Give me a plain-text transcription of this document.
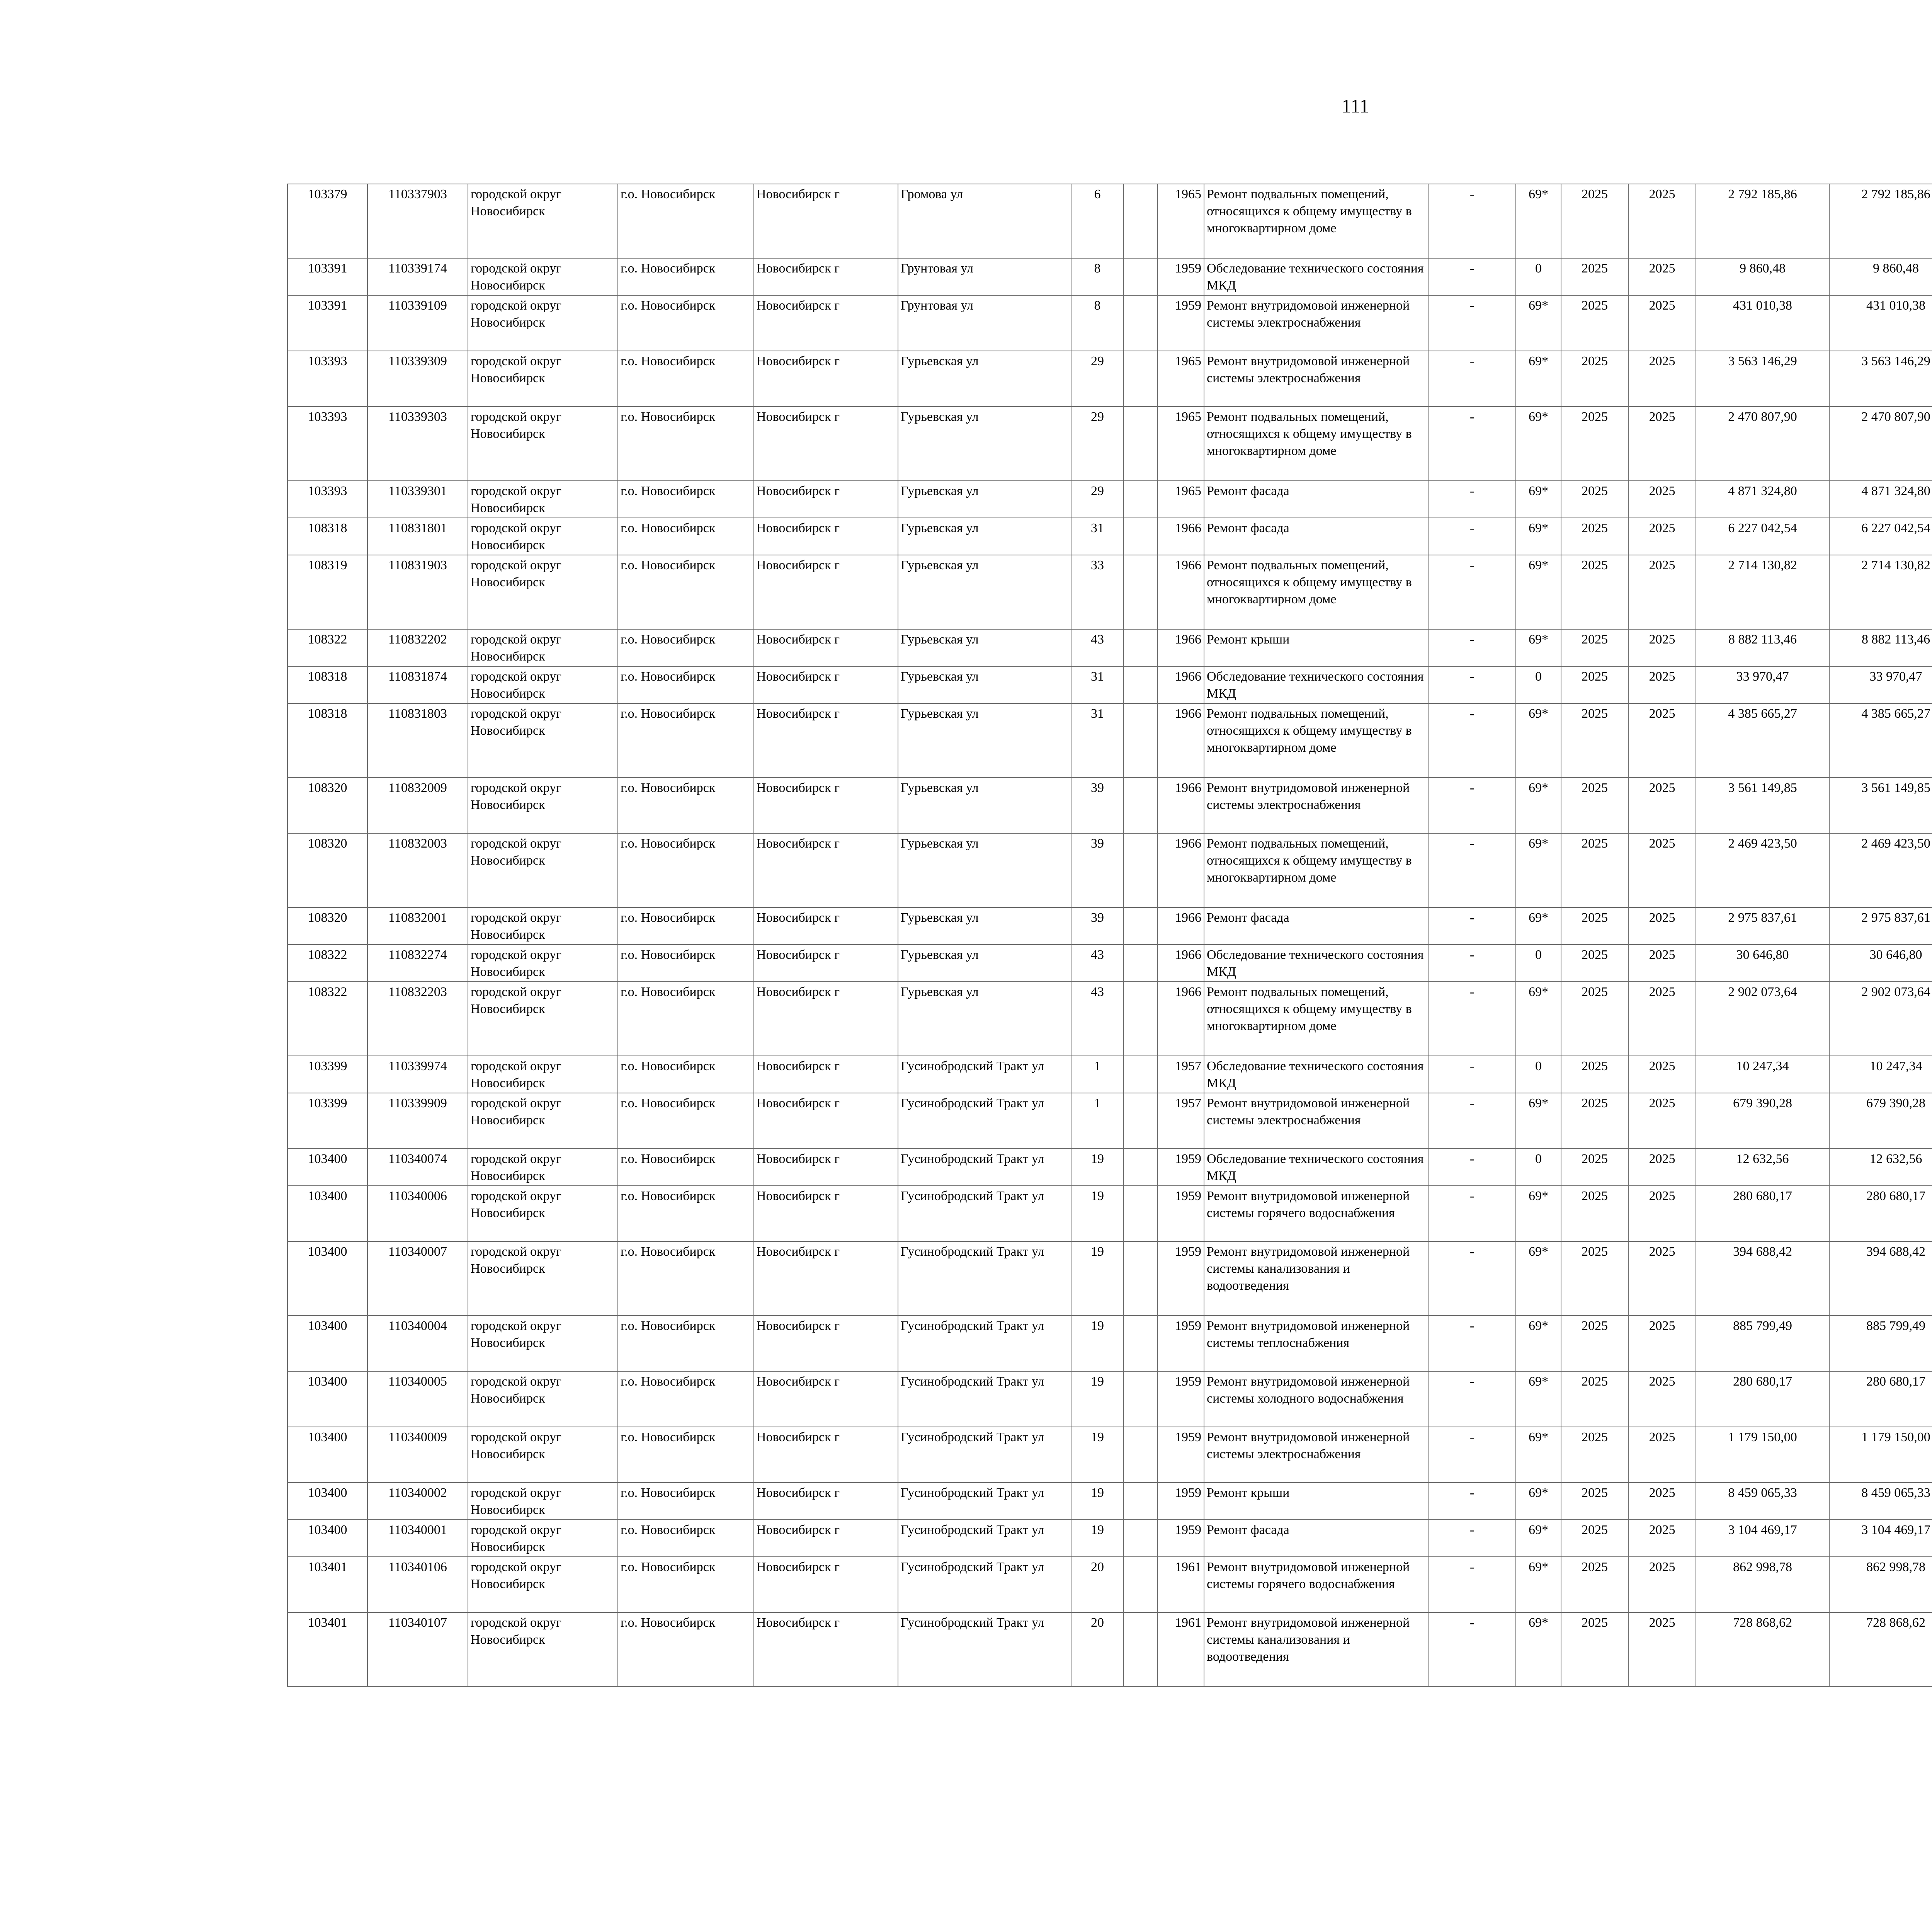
111
103379	110337903	городской округ Новосибирск	г.о. Новосибирск	Новосибирск г	Громова ул	6		1965	Ремонт подвальных помещений, относящихся к общему имуществу в многоквартирном доме	-	69*	2025	2025	2 792 185,86	2 792 185,86						
103391	110339174	городской округ Новосибирск	г.о. Новосибирск	Новосибирск г	Грунтовая ул	8		1959	Обследование технического состояния МКД	-	0	2025	2025	9 860,48	9 860,48						
103391	110339109	городской округ Новосибирск	г.о. Новосибирск	Новосибирск г	Грунтовая ул	8		1959	Ремонт внутридомовой инженерной системы электроснабжения	-	69*	2025	2025	431 010,38	431 010,38						
103393	110339309	городской округ Новосибирск	г.о. Новосибирск	Новосибирск г	Гурьевская ул	29		1965	Ремонт внутридомовой инженерной системы электроснабжения	-	69*	2025	2025	3 563 146,29	3 563 146,29						
103393	110339303	городской округ Новосибирск	г.о. Новосибирск	Новосибирск г	Гурьевская ул	29		1965	Ремонт подвальных помещений, относящихся к общему имуществу в многоквартирном доме	-	69*	2025	2025	2 470 807,90	2 470 807,90						
103393	110339301	городской округ Новосибирск	г.о. Новосибирск	Новосибирск г	Гурьевская ул	29		1965	Ремонт фасада	-	69*	2025	2025	4 871 324,80	4 871 324,80						
108318	110831801	городской округ Новосибирск	г.о. Новосибирск	Новосибирск г	Гурьевская ул	31		1966	Ремонт фасада	-	69*	2025	2025	6 227 042,54	6 227 042,54						
108319	110831903	городской округ Новосибирск	г.о. Новосибирск	Новосибирск г	Гурьевская ул	33		1966	Ремонт подвальных помещений, относящихся к общему имуществу в многоквартирном доме	-	69*	2025	2025	2 714 130,82	2 714 130,82						
108322	110832202	городской округ Новосибирск	г.о. Новосибирск	Новосибирск г	Гурьевская ул	43		1966	Ремонт крыши	-	69*	2025	2025	8 882 113,46	8 882 113,46						
108318	110831874	городской округ Новосибирск	г.о. Новосибирск	Новосибирск г	Гурьевская ул	31		1966	Обследование технического состояния МКД	-	0	2025	2025	33 970,47	33 970,47						
108318	110831803	городской округ Новосибирск	г.о. Новосибирск	Новосибирск г	Гурьевская ул	31		1966	Ремонт подвальных помещений, относящихся к общему имуществу в многоквартирном доме	-	69*	2025	2025	4 385 665,27	4 385 665,27						
108320	110832009	городской округ Новосибирск	г.о. Новосибирск	Новосибирск г	Гурьевская ул	39		1966	Ремонт внутридомовой инженерной системы электроснабжения	-	69*	2025	2025	3 561 149,85	3 561 149,85						
108320	110832003	городской округ Новосибирск	г.о. Новосибирск	Новосибирск г	Гурьевская ул	39		1966	Ремонт подвальных помещений, относящихся к общему имуществу в многоквартирном доме	-	69*	2025	2025	2 469 423,50	2 469 423,50						
108320	110832001	городской округ Новосибирск	г.о. Новосибирск	Новосибирск г	Гурьевская ул	39		1966	Ремонт фасада	-	69*	2025	2025	2 975 837,61	2 975 837,61						
108322	110832274	городской округ Новосибирск	г.о. Новосибирск	Новосибирск г	Гурьевская ул	43		1966	Обследование технического состояния МКД	-	0	2025	2025	30 646,80	30 646,80						
108322	110832203	городской округ Новосибирск	г.о. Новосибирск	Новосибирск г	Гурьевская ул	43		1966	Ремонт подвальных помещений, относящихся к общему имуществу в многоквартирном доме	-	69*	2025	2025	2 902 073,64	2 902 073,64						
103399	110339974	городской округ Новосибирск	г.о. Новосибирск	Новосибирск г	Гусинобродский Тракт ул	1		1957	Обследование технического состояния МКД	-	0	2025	2025	10 247,34	10 247,34						
103399	110339909	городской округ Новосибирск	г.о. Новосибирск	Новосибирск г	Гусинобродский Тракт ул	1		1957	Ремонт внутридомовой инженерной системы электроснабжения	-	69*	2025	2025	679 390,28	679 390,28						
103400	110340074	городской округ Новосибирск	г.о. Новосибирск	Новосибирск г	Гусинобродский Тракт ул	19		1959	Обследование технического состояния МКД	-	0	2025	2025	12 632,56	12 632,56						
103400	110340006	городской округ Новосибирск	г.о. Новосибирск	Новосибирск г	Гусинобродский Тракт ул	19		1959	Ремонт внутридомовой инженерной системы горячего водоснабжения	-	69*	2025	2025	280 680,17	280 680,17						
103400	110340007	городской округ Новосибирск	г.о. Новосибирск	Новосибирск г	Гусинобродский Тракт ул	19		1959	Ремонт внутридомовой инженерной системы канализования и водоотведения	-	69*	2025	2025	394 688,42	394 688,42						
103400	110340004	городской округ Новосибирск	г.о. Новосибирск	Новосибирск г	Гусинобродский Тракт ул	19		1959	Ремонт внутридомовой инженерной системы теплоснабжения	-	69*	2025	2025	885 799,49	885 799,49						
103400	110340005	городской округ Новосибирск	г.о. Новосибирск	Новосибирск г	Гусинобродский Тракт ул	19		1959	Ремонт внутридомовой инженерной системы холодного водоснабжения	-	69*	2025	2025	280 680,17	280 680,17						
103400	110340009	городской округ Новосибирск	г.о. Новосибирск	Новосибирск г	Гусинобродский Тракт ул	19		1959	Ремонт внутридомовой инженерной системы электроснабжения	-	69*	2025	2025	1 179 150,00	1 179 150,00						
103400	110340002	городской округ Новосибирск	г.о. Новосибирск	Новосибирск г	Гусинобродский Тракт ул	19		1959	Ремонт крыши	-	69*	2025	2025	8 459 065,33	8 459 065,33						
103400	110340001	городской округ Новосибирск	г.о. Новосибирск	Новосибирск г	Гусинобродский Тракт ул	19		1959	Ремонт фасада	-	69*	2025	2025	3 104 469,17	3 104 469,17						
103401	110340106	городской округ Новосибирск	г.о. Новосибирск	Новосибирск г	Гусинобродский Тракт ул	20		1961	Ремонт внутридомовой инженерной системы горячего водоснабжения	-	69*	2025	2025	862 998,78	862 998,78						
103401	110340107	городской округ Новосибирск	г.о. Новосибирск	Новосибирск г	Гусинобродский Тракт ул	20		1961	Ремонт внутридомовой инженерной системы канализования и водоотведения	-	69*	2025	2025	728 868,62	728 868,62						
